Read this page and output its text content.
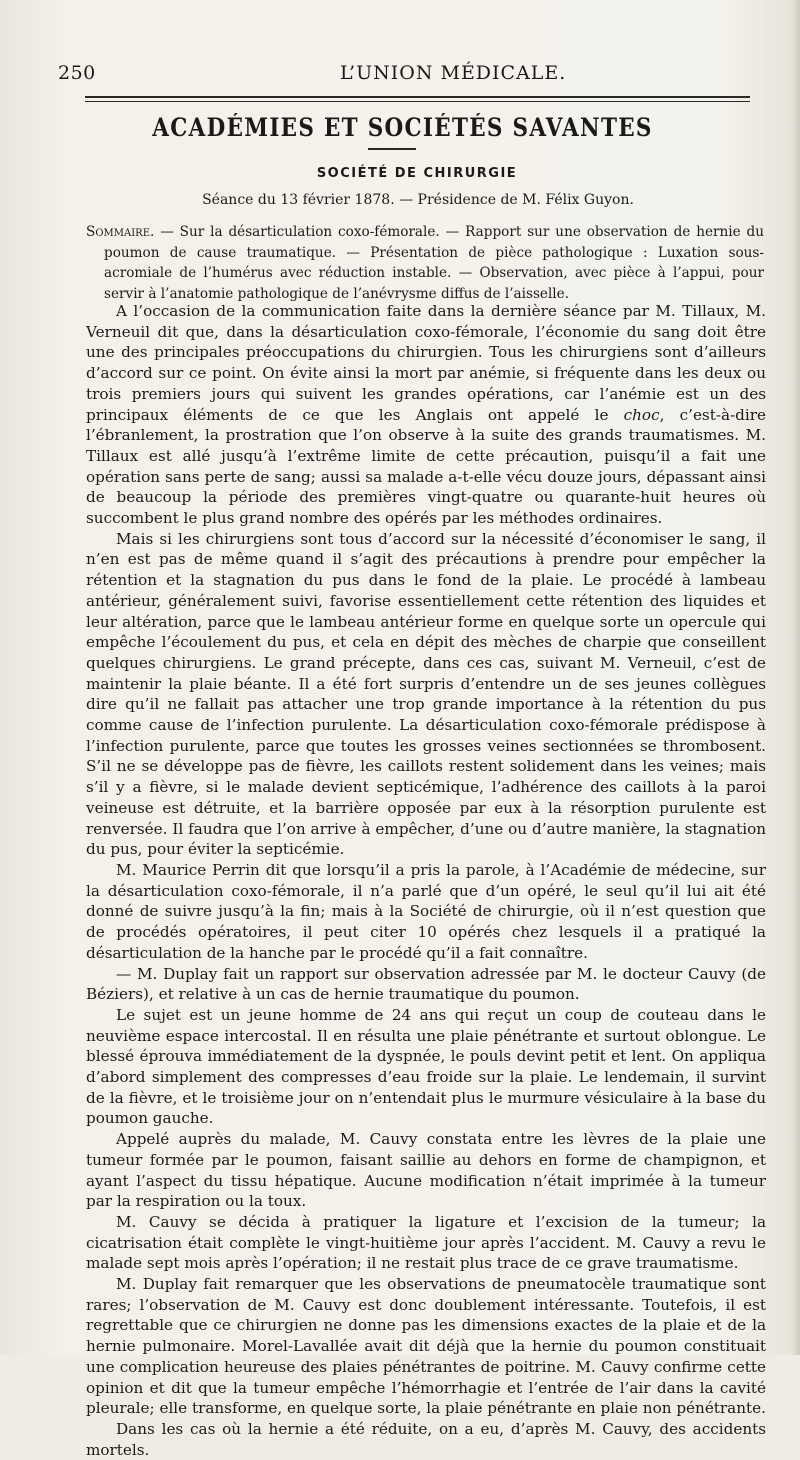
250	L’UNION MÉDICALE.
ACADÉMIES ET SOCIÉTÉS SAVANTES
SOCIÉTÉ DE CHIRURGIE
Séance du 13 février 1878. — Présidence de M. Félix Guyon.

Sommaire. — Sur la désarticulation coxo-fémorale. — Rapport sur une observation de hernie du poumon de cause traumatique. — Présentation de pièce pathologique : Luxation sous-acromiale de l’humérus avec réduction instable. — Observation, avec pièce à l’appui, pour servir à l’anatomie pathologique de l’anévrysme diffus de l’aisselle.

A l’occasion de la communication faite dans la dernière séance par M. Tillaux, M. Verneuil dit que, dans la désarticulation coxo-fémorale, l’économie du sang doit être une des principales préoccupations du chirurgien. Tous les chirurgiens sont d’ailleurs d’accord sur ce point. On évite ainsi la mort par anémie, si fréquente dans les deux ou trois premiers jours qui suivent les grandes opérations, car l’anémie est un des principaux éléments de ce que les Anglais ont appelé le choc, c’est-à-dire l’ébranlement, la prostration que l’on observe à la suite des grands traumatismes. M. Tillaux est allé jusqu’à l’extrême limite de cette précaution, puisqu’il a fait une opération sans perte de sang; aussi sa malade a-t-elle vécu douze jours, dépassant ainsi de beaucoup la période des premières vingt-quatre ou quarante-huit heures où succombent le plus grand nombre des opérés par les méthodes ordinaires.

Mais si les chirurgiens sont tous d’accord sur la nécessité d’économiser le sang, il n’en est pas de même quand il s’agit des précautions à prendre pour empêcher la rétention et la stagnation du pus dans le fond de la plaie. Le procédé à lambeau antérieur, généralement suivi, favorise essentiellement cette rétention des liquides et leur altération, parce que le lambeau antérieur forme en quelque sorte un opercule qui empêche l’écoulement du pus, et cela en dépit des mèches de charpie que conseillent quelques chirurgiens. Le grand précepte, dans ces cas, suivant M. Verneuil, c’est de maintenir la plaie béante. Il a été fort surpris d’entendre un de ses jeunes collègues dire qu’il ne fallait pas attacher une trop grande importance à la rétention du pus comme cause de l’infection purulente. La désarticulation coxo-fémorale prédispose à l’infection purulente, parce que toutes les grosses veines sectionnées se thrombosent. S’il ne se développe pas de fièvre, les caillots restent solidement dans les veines; mais s’il y a fièvre, si le malade devient septicémique, l’adhérence des caillots à la paroi veineuse est détruite, et la barrière opposée par eux à la résorption purulente est renversée. Il faudra que l’on arrive à empêcher, d’une ou d’autre manière, la stagnation du pus, pour éviter la septicémie.

M. Maurice Perrin dit que lorsqu’il a pris la parole, à l’Académie de médecine, sur la désarticulation coxo-fémorale, il n’a parlé que d’un opéré, le seul qu’il lui ait été donné de suivre jusqu’à la fin; mais à la Société de chirurgie, où il n’est question que de procédés opératoires, il peut citer 10 opérés chez lesquels il a pratiqué la désarticulation de la hanche par le procédé qu’il a fait connaître.

— M. Duplay fait un rapport sur observation adressée par M. le docteur Cauvy (de Béziers), et relative à un cas de hernie traumatique du poumon.

Le sujet est un jeune homme de 24 ans qui reçut un coup de couteau dans le neuvième espace intercostal. Il en résulta une plaie pénétrante et surtout oblongue. Le blessé éprouva immédiatement de la dyspnée, le pouls devint petit et lent. On appliqua d’abord simplement des compresses d’eau froide sur la plaie. Le lendemain, il survint de la fièvre, et le troisième jour on n’entendait plus le murmure vésiculaire à la base du poumon gauche.

Appelé auprès du malade, M. Cauvy constata entre les lèvres de la plaie une tumeur formée par le poumon, faisant saillie au dehors en forme de champignon, et ayant l’aspect du tissu hépatique. Aucune modification n’était imprimée à la tumeur par la respiration ou la toux.

M. Cauvy se décida à pratiquer la ligature et l’excision de la tumeur; la cicatrisation était complète le vingt-huitième jour après l’accident. M. Cauvy a revu le malade sept mois après l’opération; il ne restait plus trace de ce grave traumatisme.

M. Duplay fait remarquer que les observations de pneumatocèle traumatique sont rares; l’observation de M. Cauvy est donc doublement intéressante. Toutefois, il est regrettable que ce chirurgien ne donne pas les dimensions exactes de la plaie et de la hernie pulmonaire. Morel-Lavallée avait dit déjà que la hernie du poumon constituait une complication heureuse des plaies pénétrantes de poitrine. M. Cauvy confirme cette opinion et dit que la tumeur empêche l’hémorrhagie et l’entrée de l’air dans la cavité pleurale; elle transforme, en quelque sorte, la plaie pénétrante en plaie non pénétrante.

Dans les cas où la hernie a été réduite, on a eu, d’après M. Cauvy, des accidents mortels.
